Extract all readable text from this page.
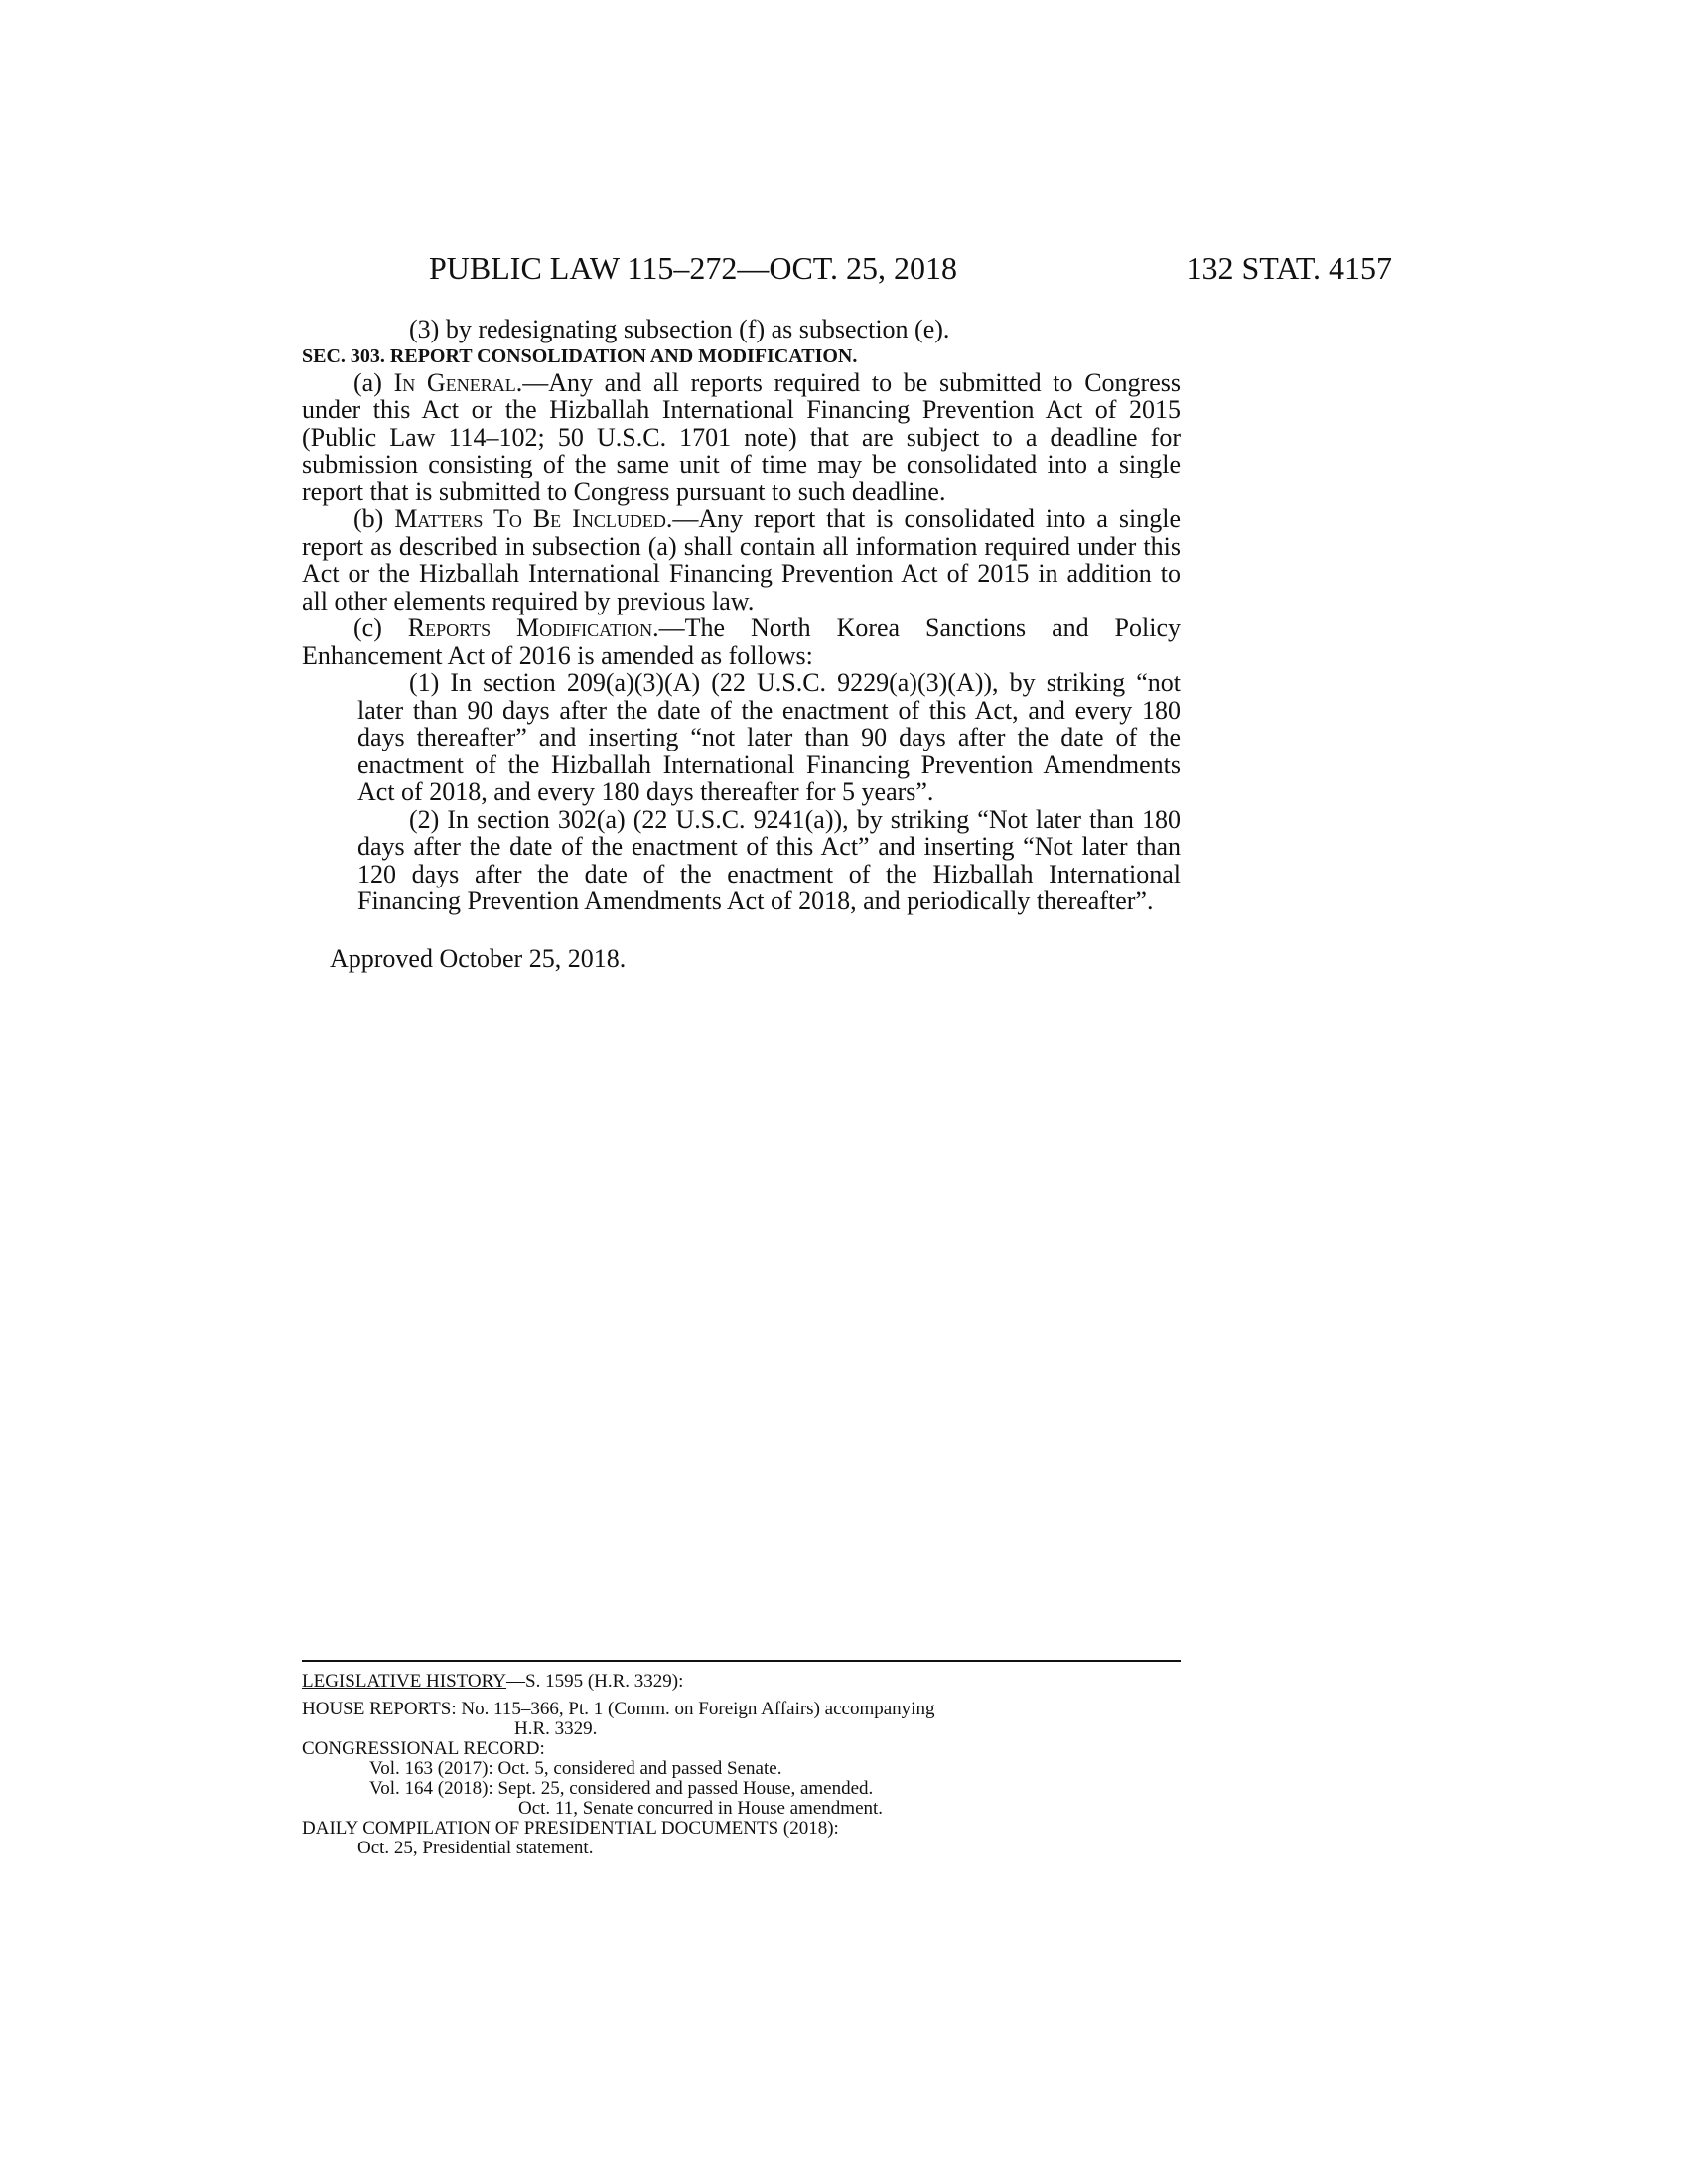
PUBLIC LAW 115–272—OCT. 25, 2018	132 STAT. 4157

(3) by redesignating subsection (f) as subsection (e).

SEC. 303. REPORT CONSOLIDATION AND MODIFICATION.

(a) In General.—Any and all reports required to be submitted to Congress under this Act or the Hizballah International Financing Prevention Act of 2015 (Public Law 114–102; 50 U.S.C. 1701 note) that are subject to a deadline for submission consisting of the same unit of time may be consolidated into a single report that is submitted to Congress pursuant to such deadline.

(b) Matters To Be Included.—Any report that is consolidated into a single report as described in subsection (a) shall contain all information required under this Act or the Hizballah International Financing Prevention Act of 2015 in addition to all other elements required by previous law.

(c) Reports Modification.—The North Korea Sanctions and Policy Enhancement Act of 2016 is amended as follows:

(1) In section 209(a)(3)(A) (22 U.S.C. 9229(a)(3)(A)), by striking “not later than 90 days after the date of the enactment of this Act, and every 180 days thereafter” and inserting “not later than 90 days after the date of the enactment of the Hizballah International Financing Prevention Amendments Act of 2018, and every 180 days thereafter for 5 years”.

(2) In section 302(a) (22 U.S.C. 9241(a)), by striking “Not later than 180 days after the date of the enactment of this Act” and inserting “Not later than 120 days after the date of the enactment of the Hizballah International Financing Prevention Amendments Act of 2018, and periodically thereafter”.

Approved October 25, 2018.

LEGISLATIVE HISTORY—S. 1595 (H.R. 3329):
HOUSE REPORTS: No. 115–366, Pt. 1 (Comm. on Foreign Affairs) accompanying
H.R. 3329.
CONGRESSIONAL RECORD:
Vol. 163 (2017): Oct. 5, considered and passed Senate.
Vol. 164 (2018): Sept. 25, considered and passed House, amended.
Oct. 11, Senate concurred in House amendment.
DAILY COMPILATION OF PRESIDENTIAL DOCUMENTS (2018):
Oct. 25, Presidential statement.
